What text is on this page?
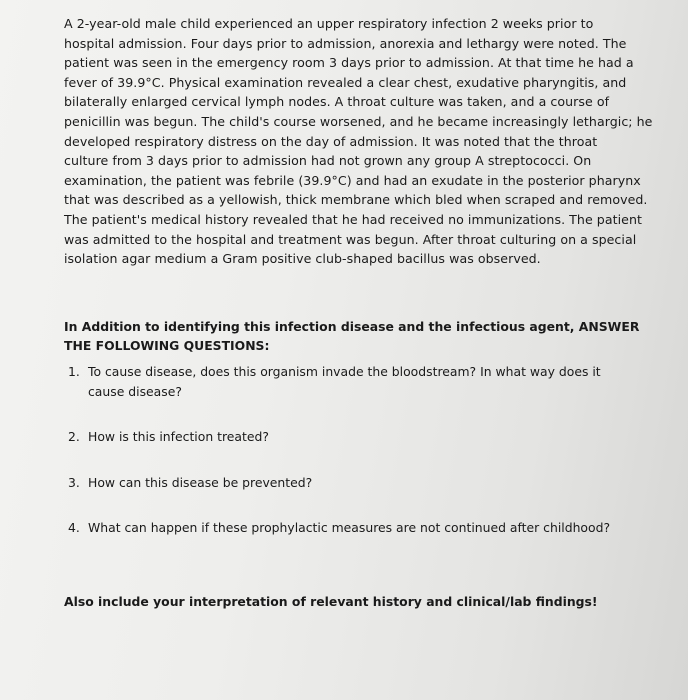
A 2-year-old male child experienced an upper respiratory infection 2 weeks prior to
hospital admission. Four days prior to admission, anorexia and lethargy were noted. The
patient was seen in the emergency room 3 days prior to admission. At that time he had a
fever of 39.9°C. Physical examination revealed a clear chest, exudative pharyngitis, and
bilaterally enlarged cervical lymph nodes. A throat culture was taken, and a course of
penicillin was begun. The child's course worsened, and he became increasingly lethargic; he
developed respiratory distress on the day of admission. It was noted that the throat
culture from 3 days prior to admission had not grown any group A streptococci. On
examination, the patient was febrile (39.9°C) and had an exudate in the posterior pharynx
that was described as a yellowish, thick membrane which bled when scraped and removed.
The patient's medical history revealed that he had received no immunizations. The patient
was admitted to the hospital and treatment was begun. After throat culturing on a special
isolation agar medium a Gram positive club-shaped bacillus was observed.

In Addition to identifying this infection disease and the infectious agent, ANSWER
THE FOLLOWING QUESTIONS:
1. To cause disease, does this organism invade the bloodstream? In what way does it
cause disease?
2. How is this infection treated?
3. How can this disease be prevented?
4. What can happen if these prophylactic measures are not continued after childhood?
Also include your interpretation of relevant history and clinical/lab findings!
